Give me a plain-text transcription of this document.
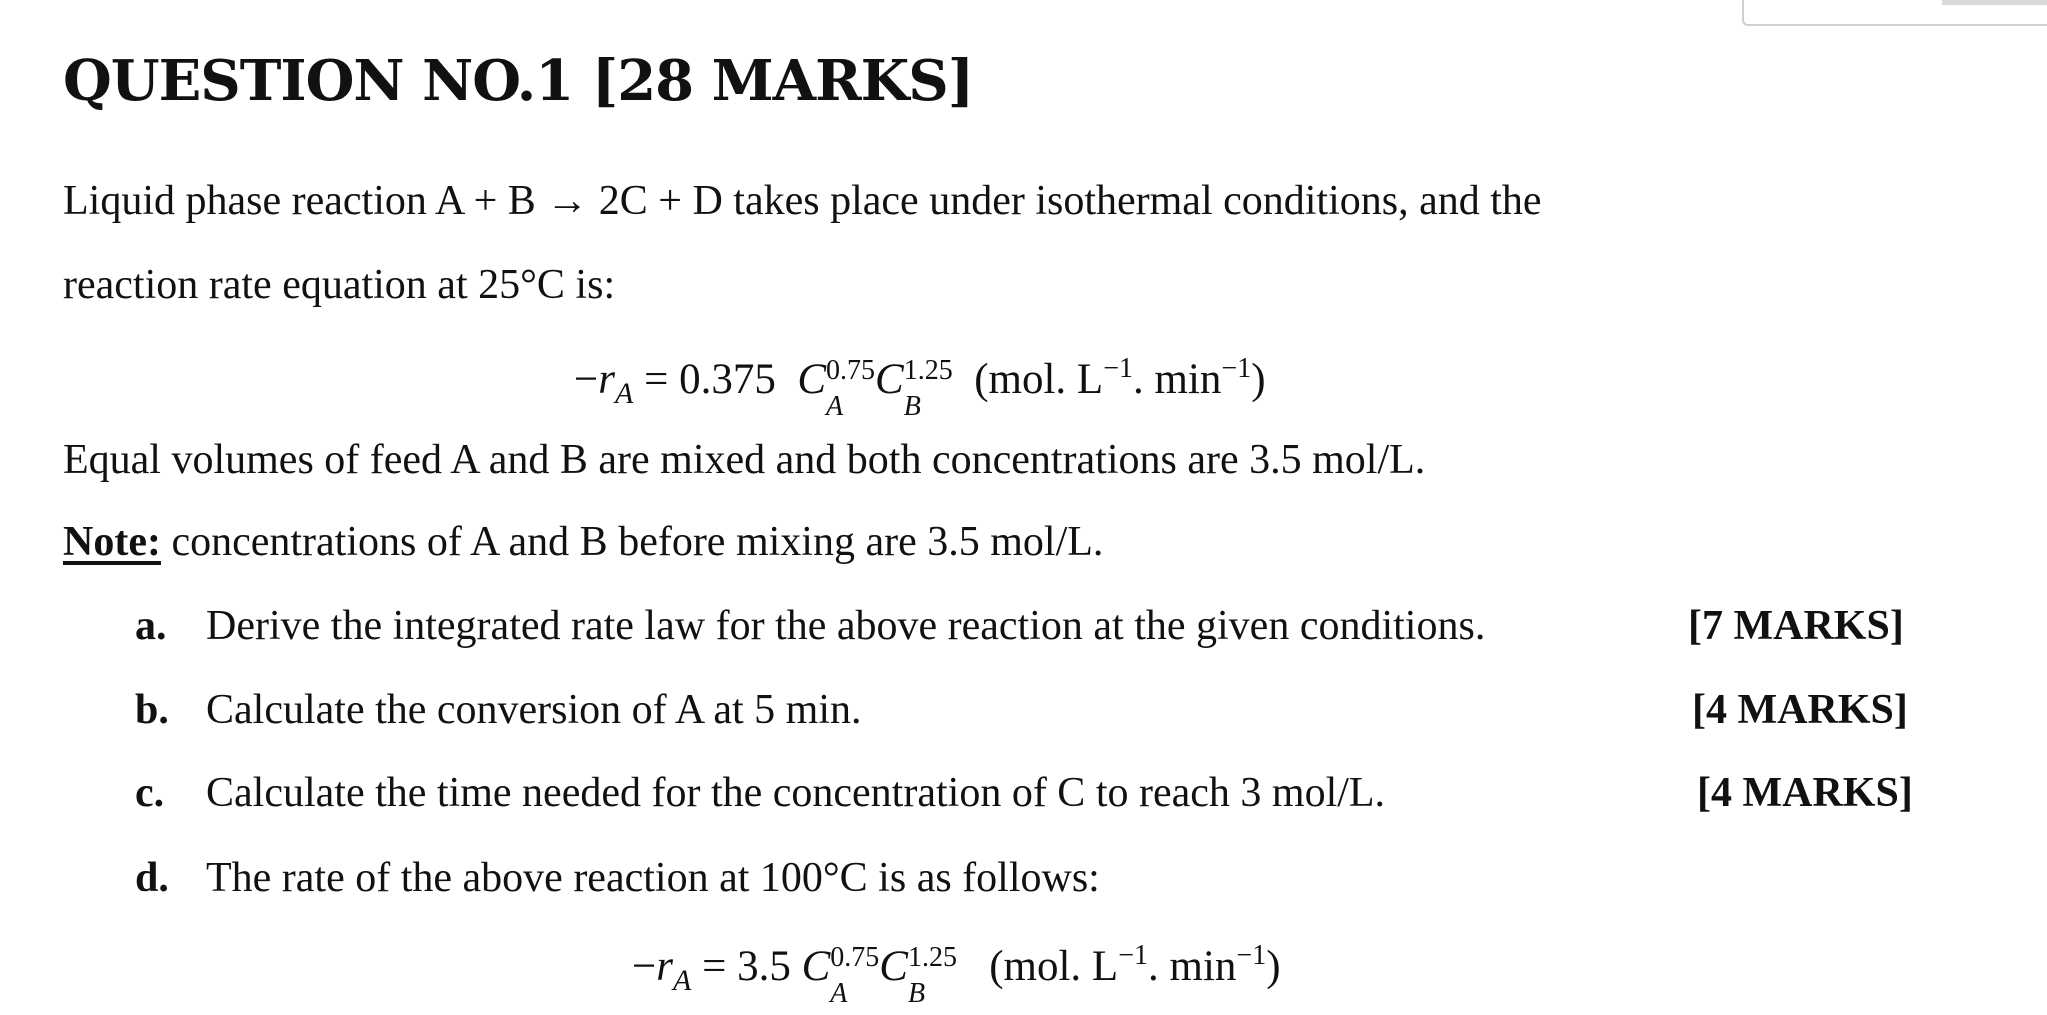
QUESTION NO.1 [28 MARKS]
Liquid phase reaction A + B → 2C + D takes place under isothermal conditions, and the
reaction rate equation at 25°C is:
$-r_A = 0.375$ C 0.75
A
C 1.25
B
(mol. $L^{-1}$. $\min^{-1}$)
Equal volumes of feed A and B are mixed and both concentrations are 3.5 mol/L.
Note: concentrations of A and B before mixing are 3.5 mol/L.
a. Derive the integrated rate law for the above reaction at the given conditions.	[7 MARKS]
b. Calculate the conversion of A at 5 min.	[4 MARKS]
c. Calculate the time needed for the concentration of C to reach 3 mol/L.	[4 MARKS]
d. The rate of the above reaction at 100°C is as follows:
$-r_A = 3.5$ C 0.75
A
C 1.25
B
(mol. $L^{-1}$. $\min^{-1}$)
